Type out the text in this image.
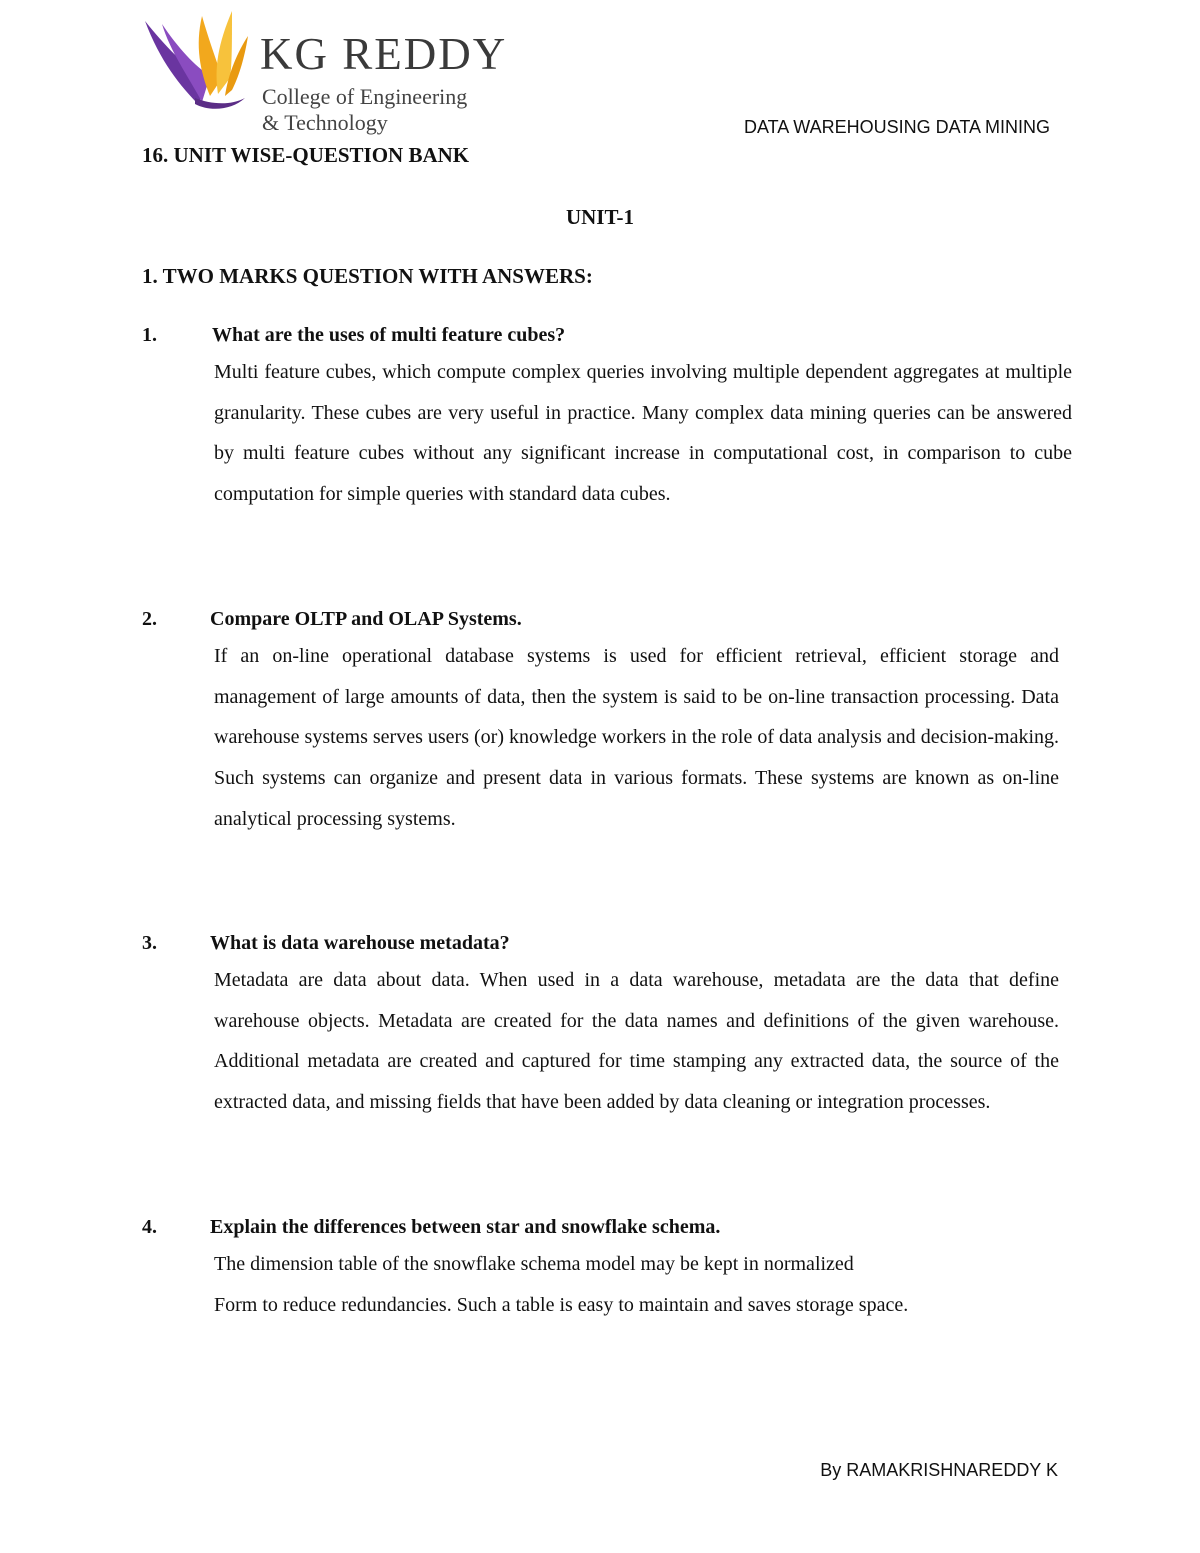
KG REDDY
College of Engineering
& Technology	DATA WAREHOUSING DATA MINING
16. UNIT WISE-QUESTION BANK
UNIT-1
1. TWO MARKS QUESTION WITH ANSWERS:
1.	What are the uses of multi feature cubes?

Multi feature cubes, which compute complex queries involving multiple dependent aggregates at multiple granularity. These cubes are very useful in practice. Many complex data mining queries can be answered by multi feature cubes without any significant increase in computational cost, in comparison to cube computation for simple queries with standard data cubes.

2.	Compare OLTP and OLAP Systems.

If an on-line operational database systems is used for efficient retrieval, efficient storage and management of large amounts of data, then the system is said to be on-line transaction processing. Data warehouse systems serves users (or) knowledge workers in the role of data analysis and decision-making. Such systems can organize and present data in various formats. These systems are known as on-line analytical processing systems.

3.	What is data warehouse metadata?

Metadata are data about data. When used in a data warehouse, metadata are the data that define warehouse objects. Metadata are created for the data names and definitions of the given warehouse. Additional metadata are created and captured for time stamping any extracted data, the source of the extracted data, and missing fields that have been added by data cleaning or integration processes.

4.	Explain the differences between star and snowflake schema.
The dimension table of the snowflake schema model may be kept in normalized
Form to reduce redundancies. Such a table is easy to maintain and saves storage space.
By RAMAKRISHNAREDDY K
